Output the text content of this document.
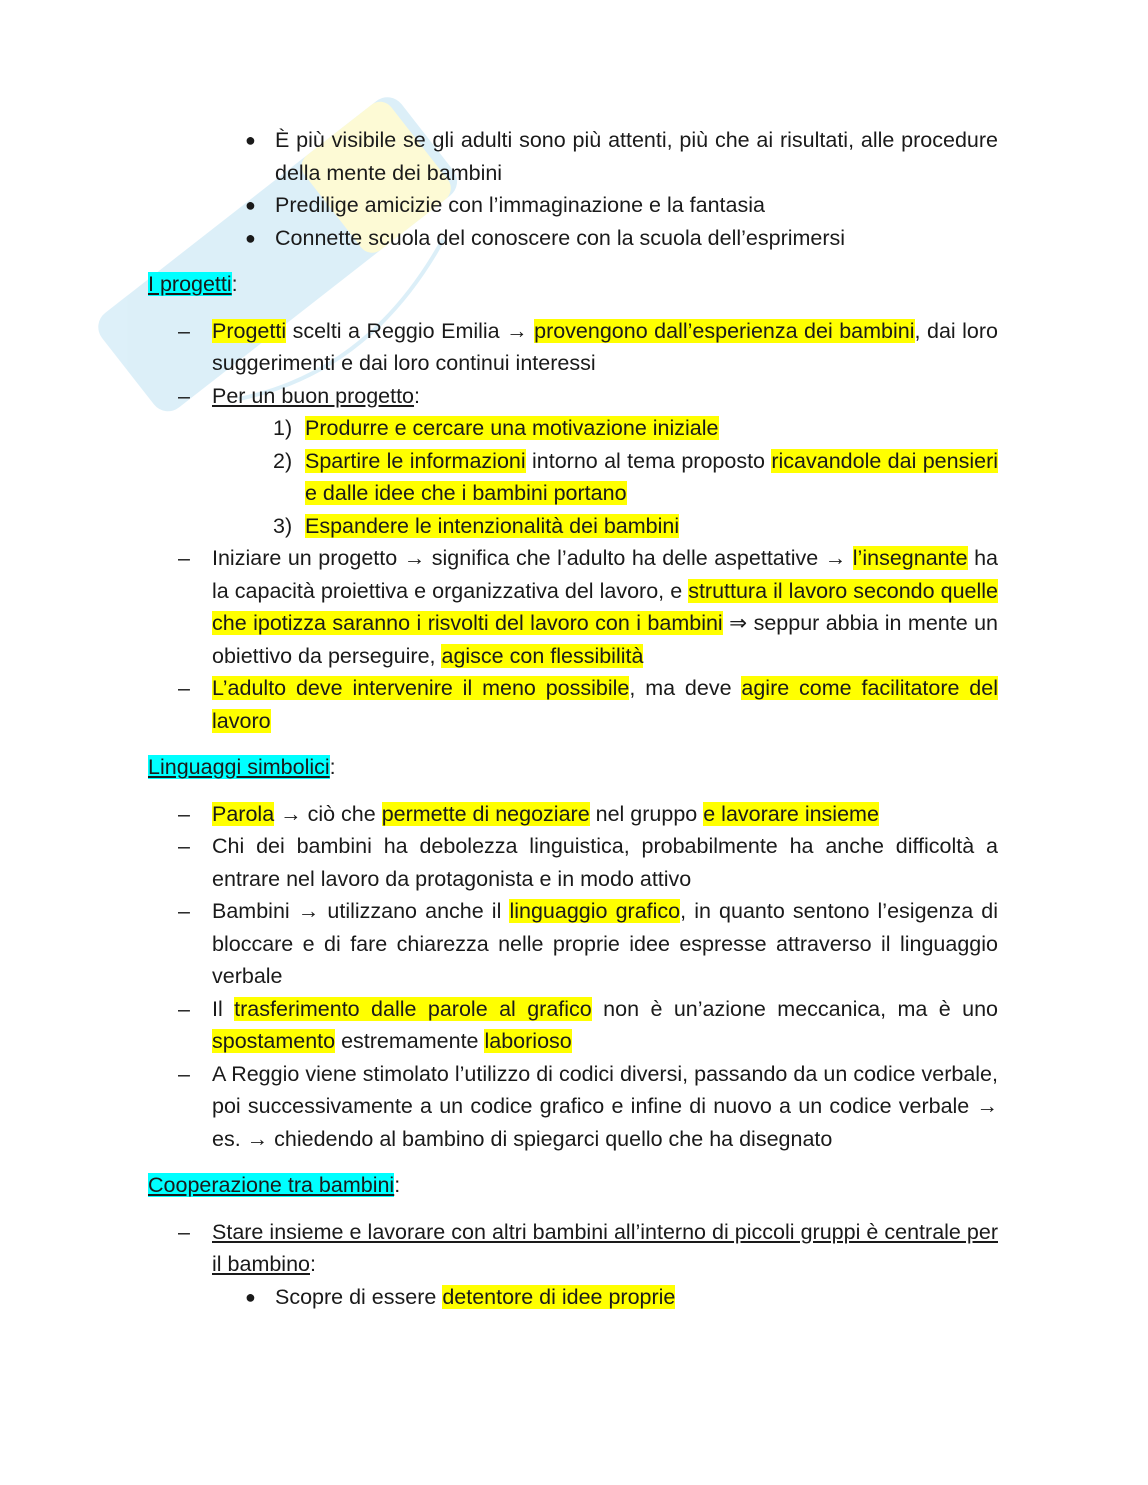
● È più visibile se gli adulti sono più attenti, più che ai risultati, alle procedure della mente dei bambini
● Predilige amicizie con l’immaginazione e la fantasia
● Connette scuola del conoscere con la scuola dell’esprimersi
I progetti:
– Progetti scelti a Reggio Emilia → provengono dall’esperienza dei bambini, dai loro suggerimenti e dai loro continui interessi
– Per un buon progetto:
1) Produrre e cercare una motivazione iniziale
2) Spartire le informazioni intorno al tema proposto ricavandole dai pensieri e dalle idee che i bambini portano
3) Espandere le intenzionalità dei bambini
– Iniziare un progetto → significa che l’adulto ha delle aspettative → l’insegnante ha la capacità proiettiva e organizzativa del lavoro, e struttura il lavoro secondo quelle che ipotizza saranno i risvolti del lavoro con i bambini ⇒ seppur abbia in mente un obiettivo da perseguire, agisce con flessibilità
– L’adulto deve intervenire il meno possibile, ma deve agire come facilitatore del lavoro
Linguaggi simbolici:
– Parola → ciò che permette di negoziare nel gruppo e lavorare insieme
– Chi dei bambini ha debolezza linguistica, probabilmente ha anche difficoltà a entrare nel lavoro da protagonista e in modo attivo
– Bambini → utilizzano anche il linguaggio grafico, in quanto sentono l’esigenza di bloccare e di fare chiarezza nelle proprie idee espresse attraverso il linguaggio verbale
– Il trasferimento dalle parole al grafico non è un’azione meccanica, ma è uno spostamento estremamente laborioso
– A Reggio viene stimolato l’utilizzo di codici diversi, passando da un codice verbale, poi successivamente a un codice grafico e infine di nuovo a un codice verbale → es. → chiedendo al bambino di spiegarci quello che ha disegnato
Cooperazione tra bambini:
– Stare insieme e lavorare con altri bambini all’interno di piccoli gruppi è centrale per il bambino:
● Scopre di essere detentore di idee proprie
